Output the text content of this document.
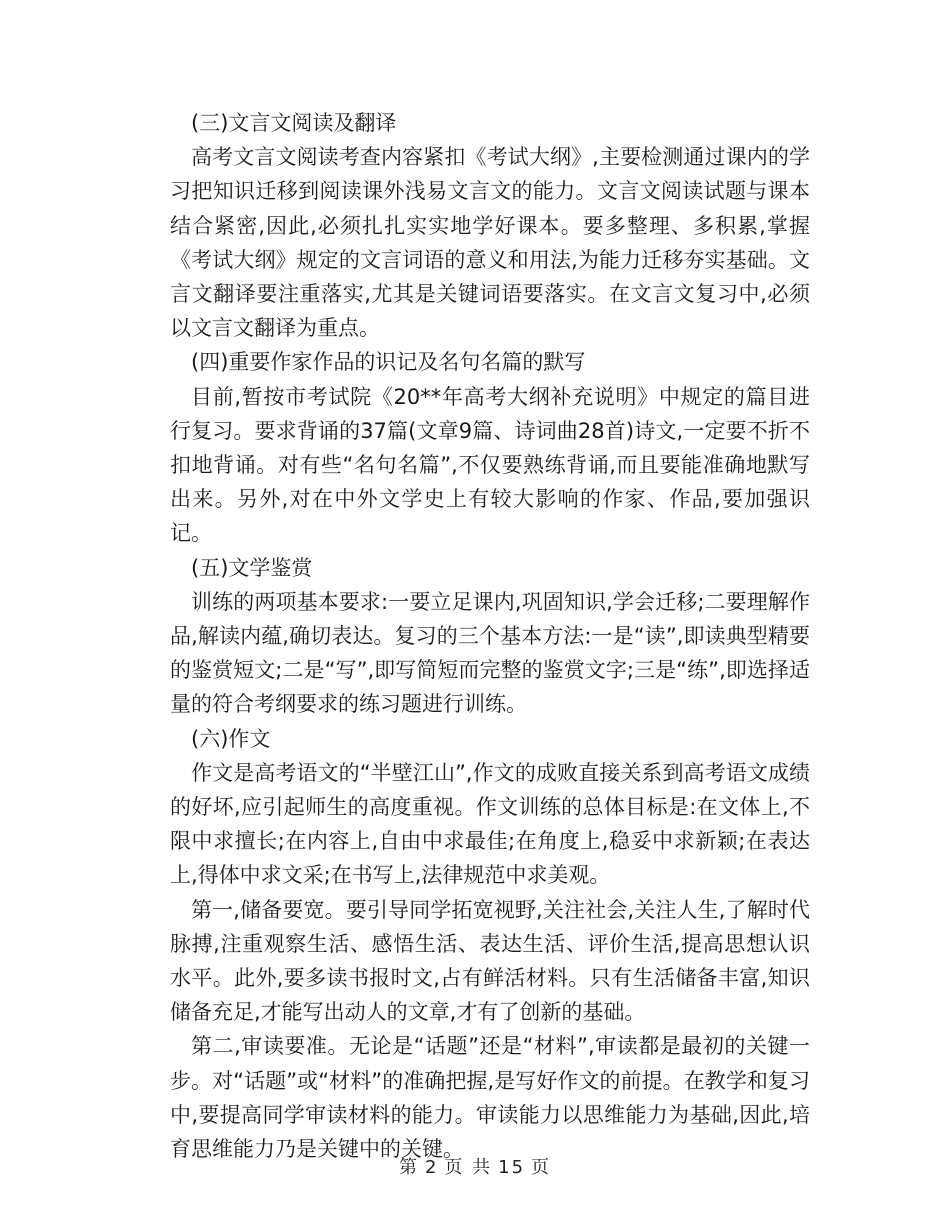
(三)文言文阅读及翻译

高考文言文阅读考查内容紧扣《考试大纲》,主要检测通过课内的学习把知识迁移到阅读课外浅易文言文的能力。文言文阅读试题与课本结合紧密,因此,必须扎扎实实地学好课本。要多整理、多积累,掌握《考试大纲》规定的文言词语的意义和用法,为能力迁移夯实基础。文言文翻译要注重落实,尤其是关键词语要落实。在文言文复习中,必须以文言文翻译为重点。

(四)重要作家作品的识记及名句名篇的默写

目前,暂按市考试院《20**年高考大纲补充说明》中规定的篇目进行复习。要求背诵的37篇(文章9篇、诗词曲28首)诗文,一定要不折不扣地背诵。对有些“名句名篇”,不仅要熟练背诵,而且要能准确地默写出来。另外,对在中外文学史上有较大影响的作家、作品,要加强识记。

(五)文学鉴赏

训练的两项基本要求:一要立足课内,巩固知识,学会迁移;二要理解作品,解读内蕴,确切表达。复习的三个基本方法:一是“读”,即读典型精要的鉴赏短文;二是“写”,即写简短而完整的鉴赏文字;三是“练”,即选择适量的符合考纲要求的练习题进行训练。

(六)作文

作文是高考语文的“半壁江山”,作文的成败直接关系到高考语文成绩的好坏,应引起师生的高度重视。作文训练的总体目标是:在文体上,不限中求擅长;在内容上,自由中求最佳;在角度上,稳妥中求新颖;在表达上,得体中求文采;在书写上,法律规范中求美观。

第一,储备要宽。要引导同学拓宽视野,关注社会,关注人生,了解时代脉搏,注重观察生活、感悟生活、表达生活、评价生活,提高思想认识水平。此外,要多读书报时文,占有鲜活材料。只有生活储备丰富,知识储备充足,才能写出动人的文章,才有了创新的基础。

第二,审读要准。无论是“话题”还是“材料”,审读都是最初的关键一步。对“话题”或“材料”的准确把握,是写好作文的前提。在教学和复习中,要提高同学审读材料的能力。审读能力以思维能力为基础,因此,培育思维能力乃是关键中的关键。

第 2 页 共 15 页
